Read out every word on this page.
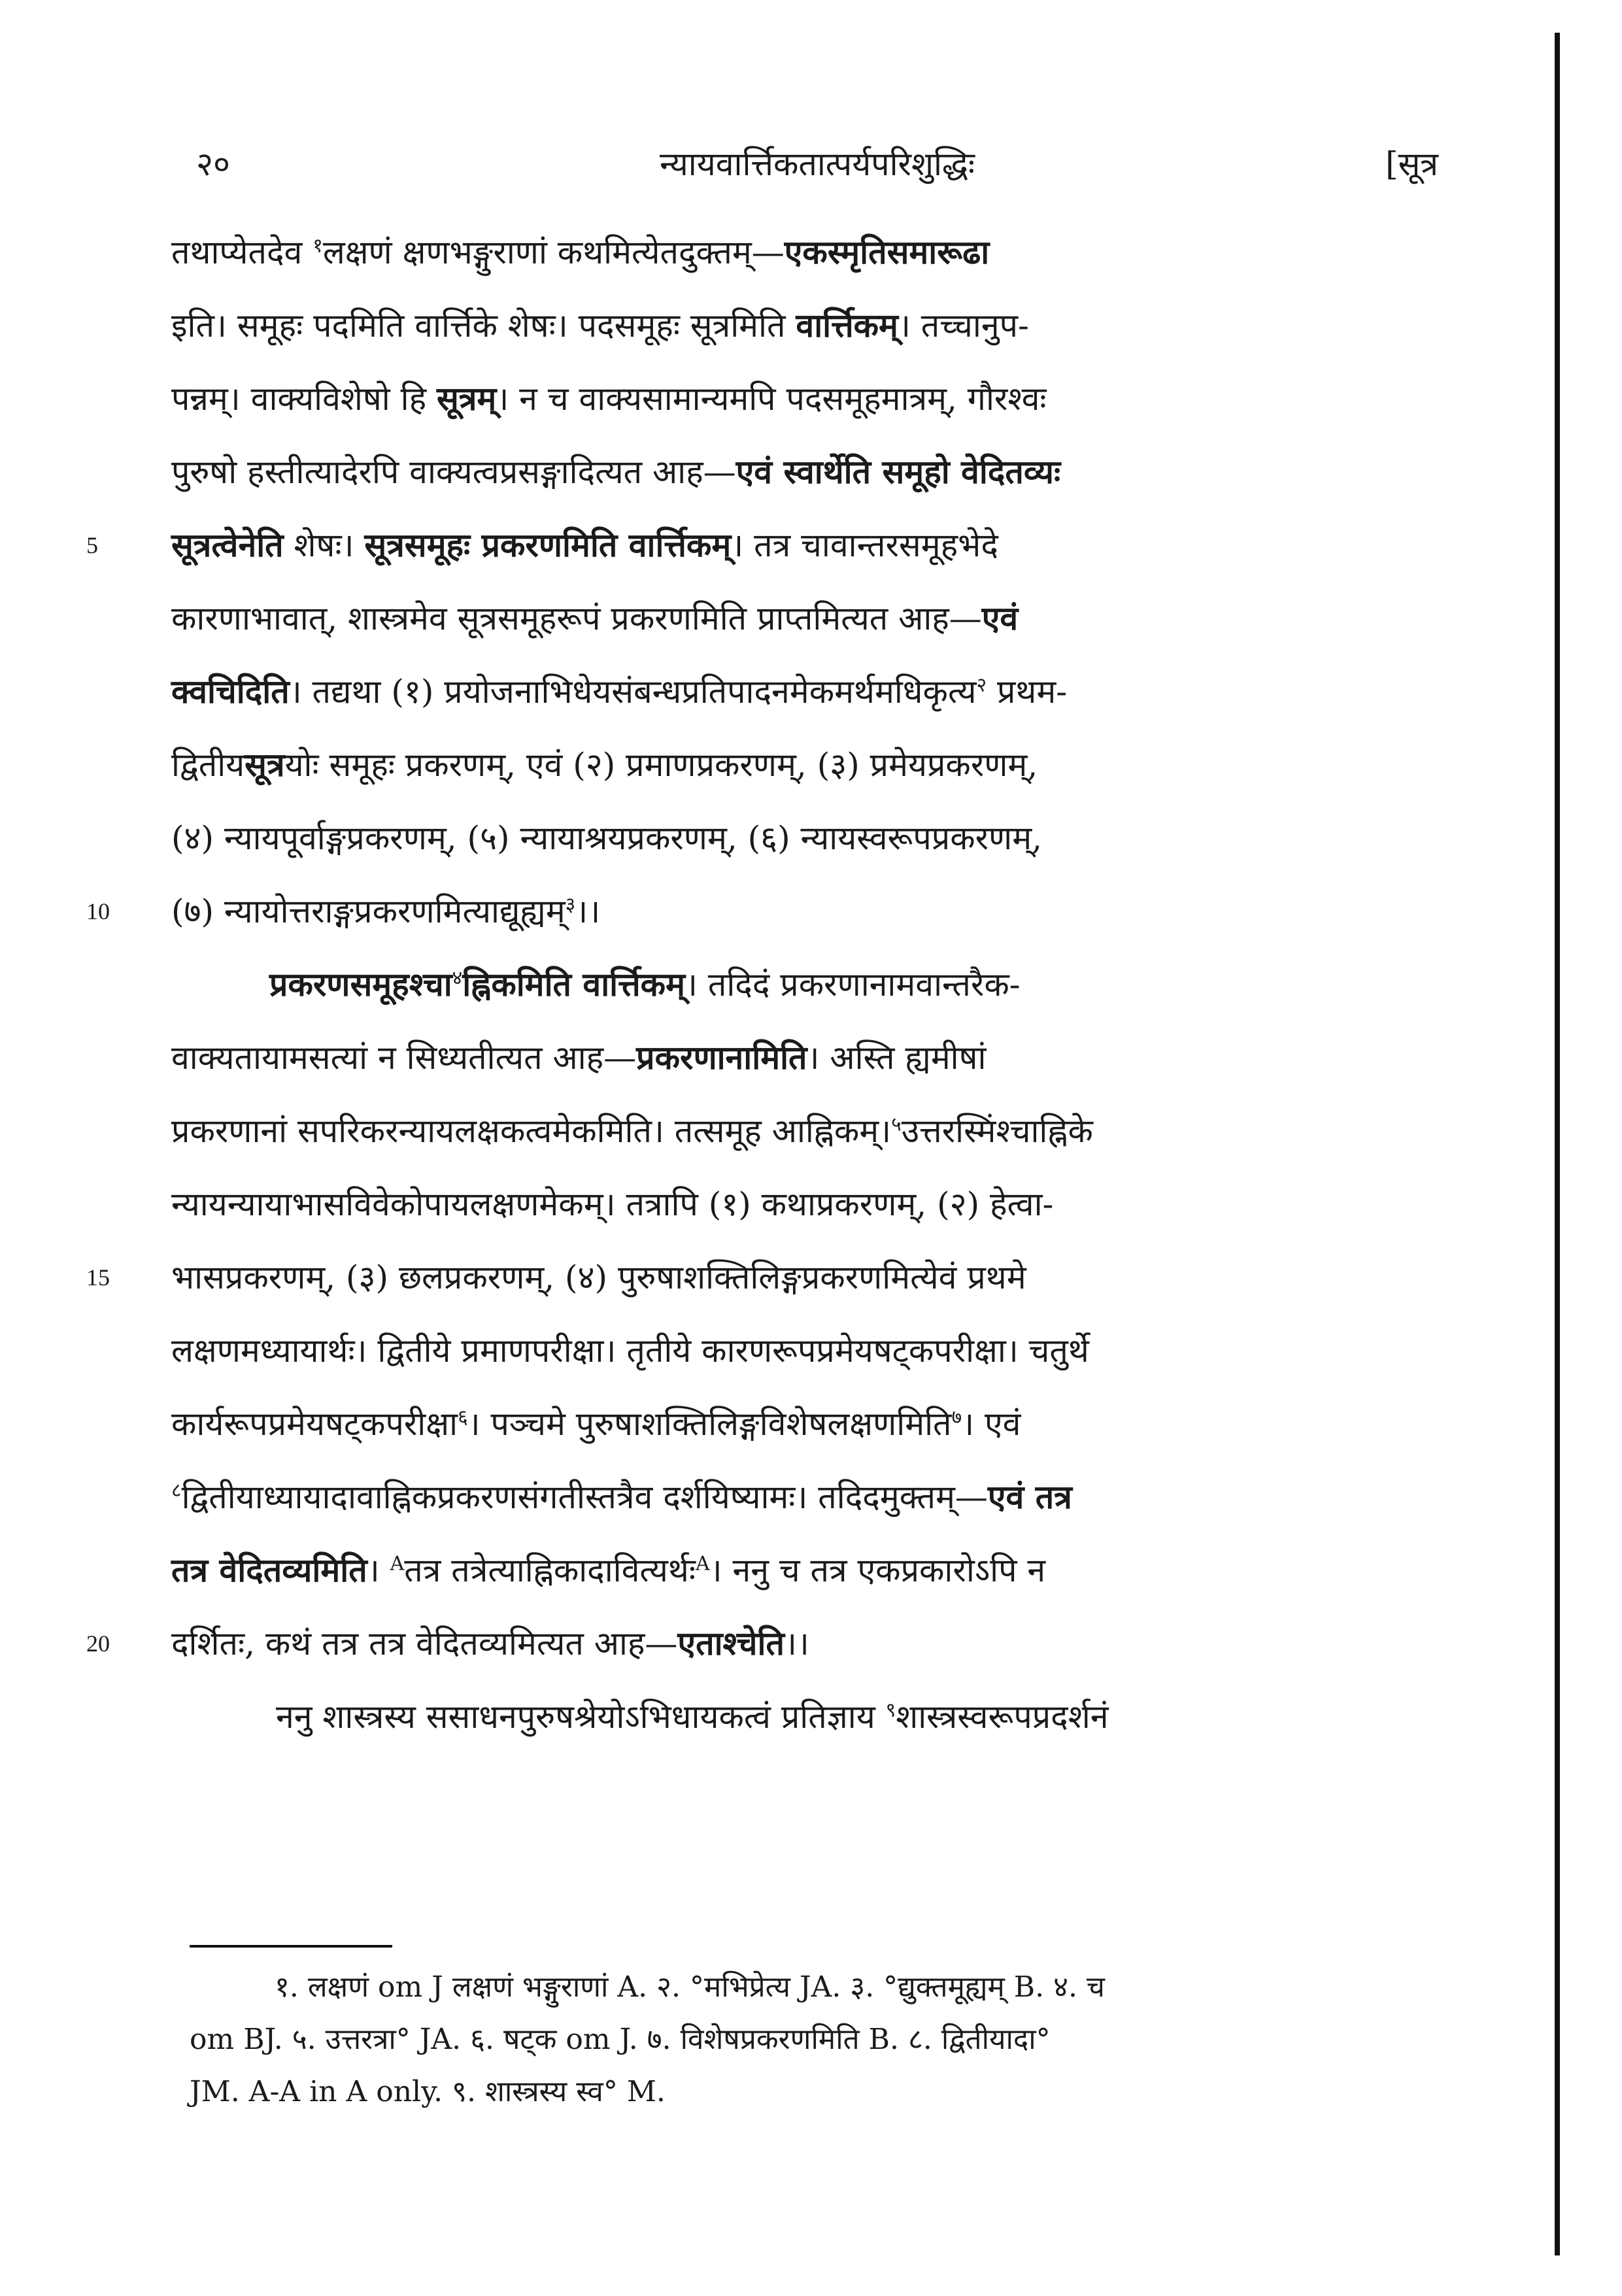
२०	न्यायवार्त्तिकतात्पर्यपरिशुद्धिः	[सूत्र
तथाप्येतदेव $^१$लक्षणं क्षणभङ्गुराणां कथमित्येतदुक्तम्—एकस्मृतिसमारूढा
इति। समूहः पदमिति वार्त्तिके शेषः। पदसमूहः सूत्रमिति वार्त्तिकम्। तच्चानुप-
पन्नम्। वाक्यविशेषो हि सूत्रम्। न च वाक्यसामान्यमपि पदसमूहमात्रम्, गौरश्वः
पुरुषो हस्तीत्यादेरपि वाक्यत्वप्रसङ्गादित्यत आह—एवं स्वार्थेति समूहो वेदितव्यः
5	सूत्रत्वेनेति शेषः। सूत्रसमूहः प्रकरणमिति वार्त्तिकम्। तत्र चावान्तरसमूहभेदे
कारणाभावात्, शास्त्रमेव सूत्रसमूहरूपं प्रकरणमिति प्राप्तमित्यत आह—एवं
क्वचिदिति। तद्यथा (१) प्रयोजनाभिधेयसंबन्धप्रतिपादनमेकमर्थमधिकृत्य$^२$ प्रथम-
द्वितीयसूत्रयोः समूहः प्रकरणम्, एवं (२) प्रमाणप्रकरणम्, (३) प्रमेयप्रकरणम्,
(४) न्यायपूर्वाङ्गप्रकरणम्, (५) न्यायाश्रयप्रकरणम्, (६) न्यायस्वरूपप्रकरणम्,
10	(७) न्यायोत्तराङ्गप्रकरणमित्याद्यूह्यम्$^३$।।
प्रकरणसमूहश्चा$^४$ह्निकमिति वार्त्तिकम्। तदिदं प्रकरणानामवान्तरैक-
वाक्यतायामसत्यां न सिध्यतीत्यत आह—प्रकरणानामिति। अस्ति ह्यमीषां
प्रकरणानां सपरिकरन्यायलक्षकत्वमेकमिति। तत्समूह आह्निकम्।$^५$उत्तरस्मिंश्चाह्निके
न्यायन्यायाभासविवेकोपायलक्षणमेकम्। तत्रापि (१) कथाप्रकरणम्, (२) हेत्वा-
15	भासप्रकरणम्, (३) छलप्रकरणम्, (४) पुरुषाशक्तिलिङ्गप्रकरणमित्येवं प्रथमे
लक्षणमध्यायार्थः। द्वितीये प्रमाणपरीक्षा। तृतीये कारणरूपप्रमेयषट्कपरीक्षा। चतुर्थे
कार्यरूपप्रमेयषट्कपरीक्षा$^६$। पञ्चमे पुरुषाशक्तिलिङ्गविशेषलक्षणमिति$^७$। एवं
$^८$द्वितीयाध्यायादावाह्निकप्रकरणसंगतीस्तत्रैव दर्शयिष्यामः। तदिदमुक्तम्—एवं तत्र
तत्र वेदितव्यमिति। $^A$तत्र तत्रेत्याह्निकादावित्यर्थः$^A$। ननु च तत्र एकप्रकारोऽपि न
20	दर्शितः, कथं तत्र तत्र वेदितव्यमित्यत आह—एताश्चेति।।
ननु शास्त्रस्य ससाधनपुरुषश्रेयोऽभिधायकत्वं प्रतिज्ञाय $^९$शास्त्रस्वरूपप्रदर्शनं
१. लक्षणं om J लक्षणं भङ्गुराणां A. २. °मभिप्रेत्य JA. ३. °द्युक्तमूह्यम् B. ४. च
om BJ. ५. उत्तरत्रा° JA. ६. षट्क om J. ७. विशेषप्रकरणमिति B. ८. द्वितीयादा°
JM. A-A in A only. ९. शास्त्रस्य स्व° M.
